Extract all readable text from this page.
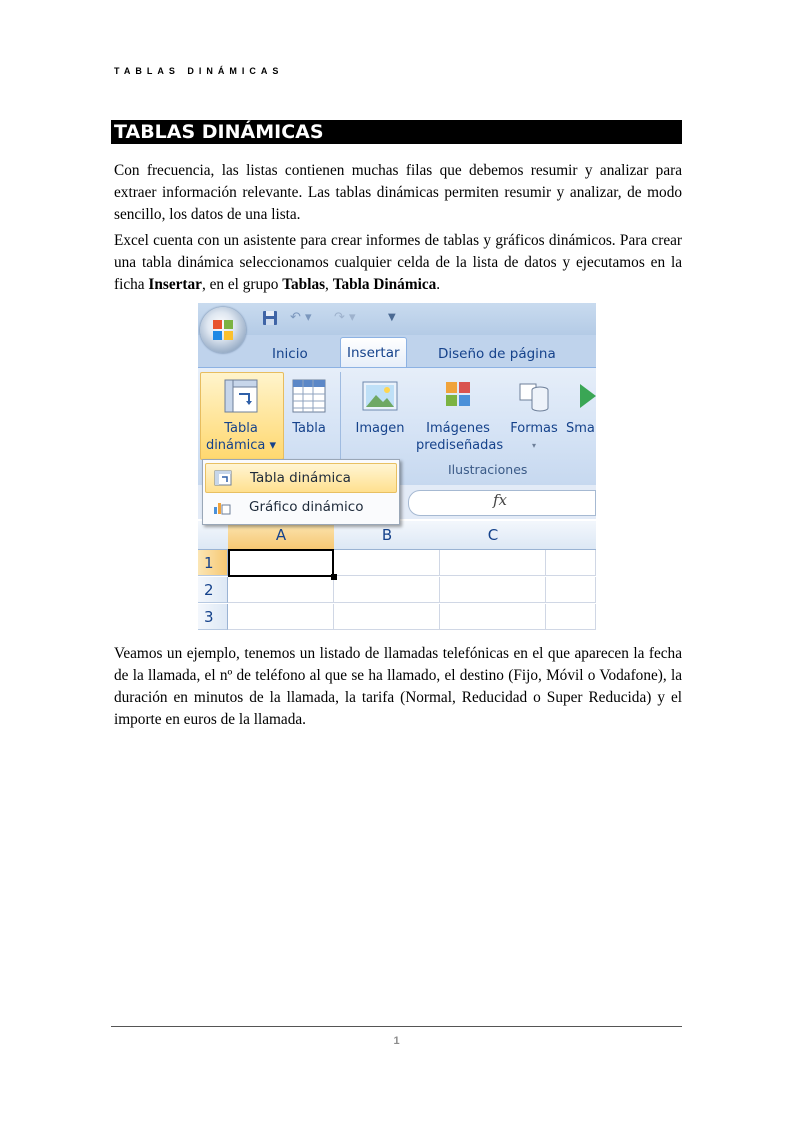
TABLAS DINÁMICAS
TABLAS DINÁMICAS

Con frecuencia, las listas contienen muchas filas que debemos resumir y analizar para extraer información relevante. Las tablas dinámicas permiten resumir y analizar, de modo sencillo, los datos de una lista.

Excel cuenta con un asistente para crear informes de tablas y gráficos dinámicos. Para crear una tabla dinámica seleccionamos cualquier celda de la lista de datos y ejecutamos en la ficha Insertar, en el grupo Tablas, Tabla Dinámica.

↶ ▾ ↷ ▾	▼
Inicio	Insertar	Diseño de página
Tabla
dinámica ▾
Tabla	Imagen	Imágenes
prediseñadas
Formas
▾
Sma
Ilustraciones
fx
Tabla dinámica
Gráfico dinámico
A	B	C
1
2
3

Veamos un ejemplo, tenemos un listado de llamadas telefónicas en el que aparecen la fecha de la llamada, el nº de teléfono al que se ha llamado, el destino (Fijo, Móvil o Vodafone), la duración en minutos de la llamada, la tarifa (Normal, Reducidad o Super Reducida) y el importe en euros de la llamada.

1
